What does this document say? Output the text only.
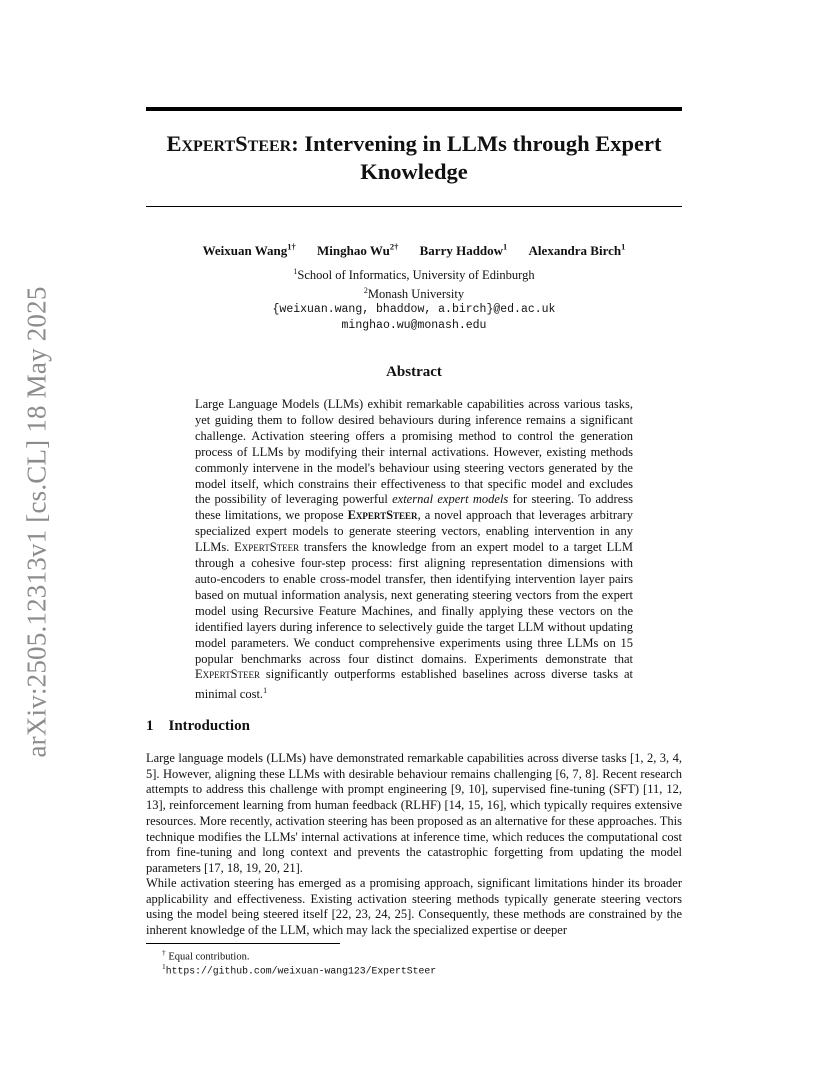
arXiv:2505.12313v1 [cs.CL] 18 May 2025
ExpertSteer: Intervening in LLMs through Expert Knowledge
Weixuan Wang$^{1\dagger}$ Minghao $Wu^{2\dagger}$ Barry Haddow$^1$ Alexandra Birch$^1$
$^1$School of Informatics, University of Edinburgh
$^2$Monash University
{weixuan.wang, bhaddow, a.birch}@ed.ac.uk
minghao.wu@monash.edu
Abstract
Large Language Models (LLMs) exhibit remarkable capabilities across various tasks, yet guiding them to follow desired behaviours during inference remains a significant challenge. Activation steering offers a promising method to control the generation process of LLMs by modifying their internal activations. However, existing methods commonly intervene in the model's behaviour using steering vectors generated by the model itself, which constrains their effectiveness to that specific model and excludes the possibility of leveraging powerful external expert models for steering. To address these limitations, we propose ExpertSteer, a novel approach that leverages arbitrary specialized expert models to generate steering vectors, enabling intervention in any LLMs. ExpertSteer transfers the knowledge from an expert model to a target LLM through a cohesive four-step process: first aligning representation dimensions with auto-encoders to enable cross-model transfer, then identifying intervention layer pairs based on mutual information analysis, next generating steering vectors from the expert model using Recursive Feature Machines, and finally applying these vectors on the identified layers during inference to selectively guide the target LLM without updating model parameters. We conduct comprehensive experiments using three LLMs on 15 popular benchmarks across four distinct domains. Experiments demonstrate that ExpertSteer significantly outperforms established baselines across diverse tasks at minimal cost.$^1$
1 Introduction
Large language models (LLMs) have demonstrated remarkable capabilities across diverse tasks [1, 2, 3, 4, 5]. However, aligning these LLMs with desirable behaviour remains challenging [6, 7, 8]. Recent research attempts to address this challenge with prompt engineering [9, 10], supervised fine-tuning (SFT) [11, 12, 13], reinforcement learning from human feedback (RLHF) [14, 15, 16], which typically requires extensive resources. More recently, activation steering has been proposed as an alternative for these approaches. This technique modifies the LLMs' internal activations at inference time, which reduces the computational cost from fine-tuning and long context and prevents the catastrophic forgetting from updating the model parameters [17, 18, 19, 20, 21].
While activation steering has emerged as a promising approach, significant limitations hinder its broader applicability and effectiveness. Existing activation steering methods typically generate steering vectors using the model being steered itself [22, 23, 24, 25]. Consequently, these methods are constrained by the inherent knowledge of the LLM, which may lack the specialized expertise or deeper
† Equal contribution.
$^1$https://github.com/weixuan-wang123/ExpertSteer
